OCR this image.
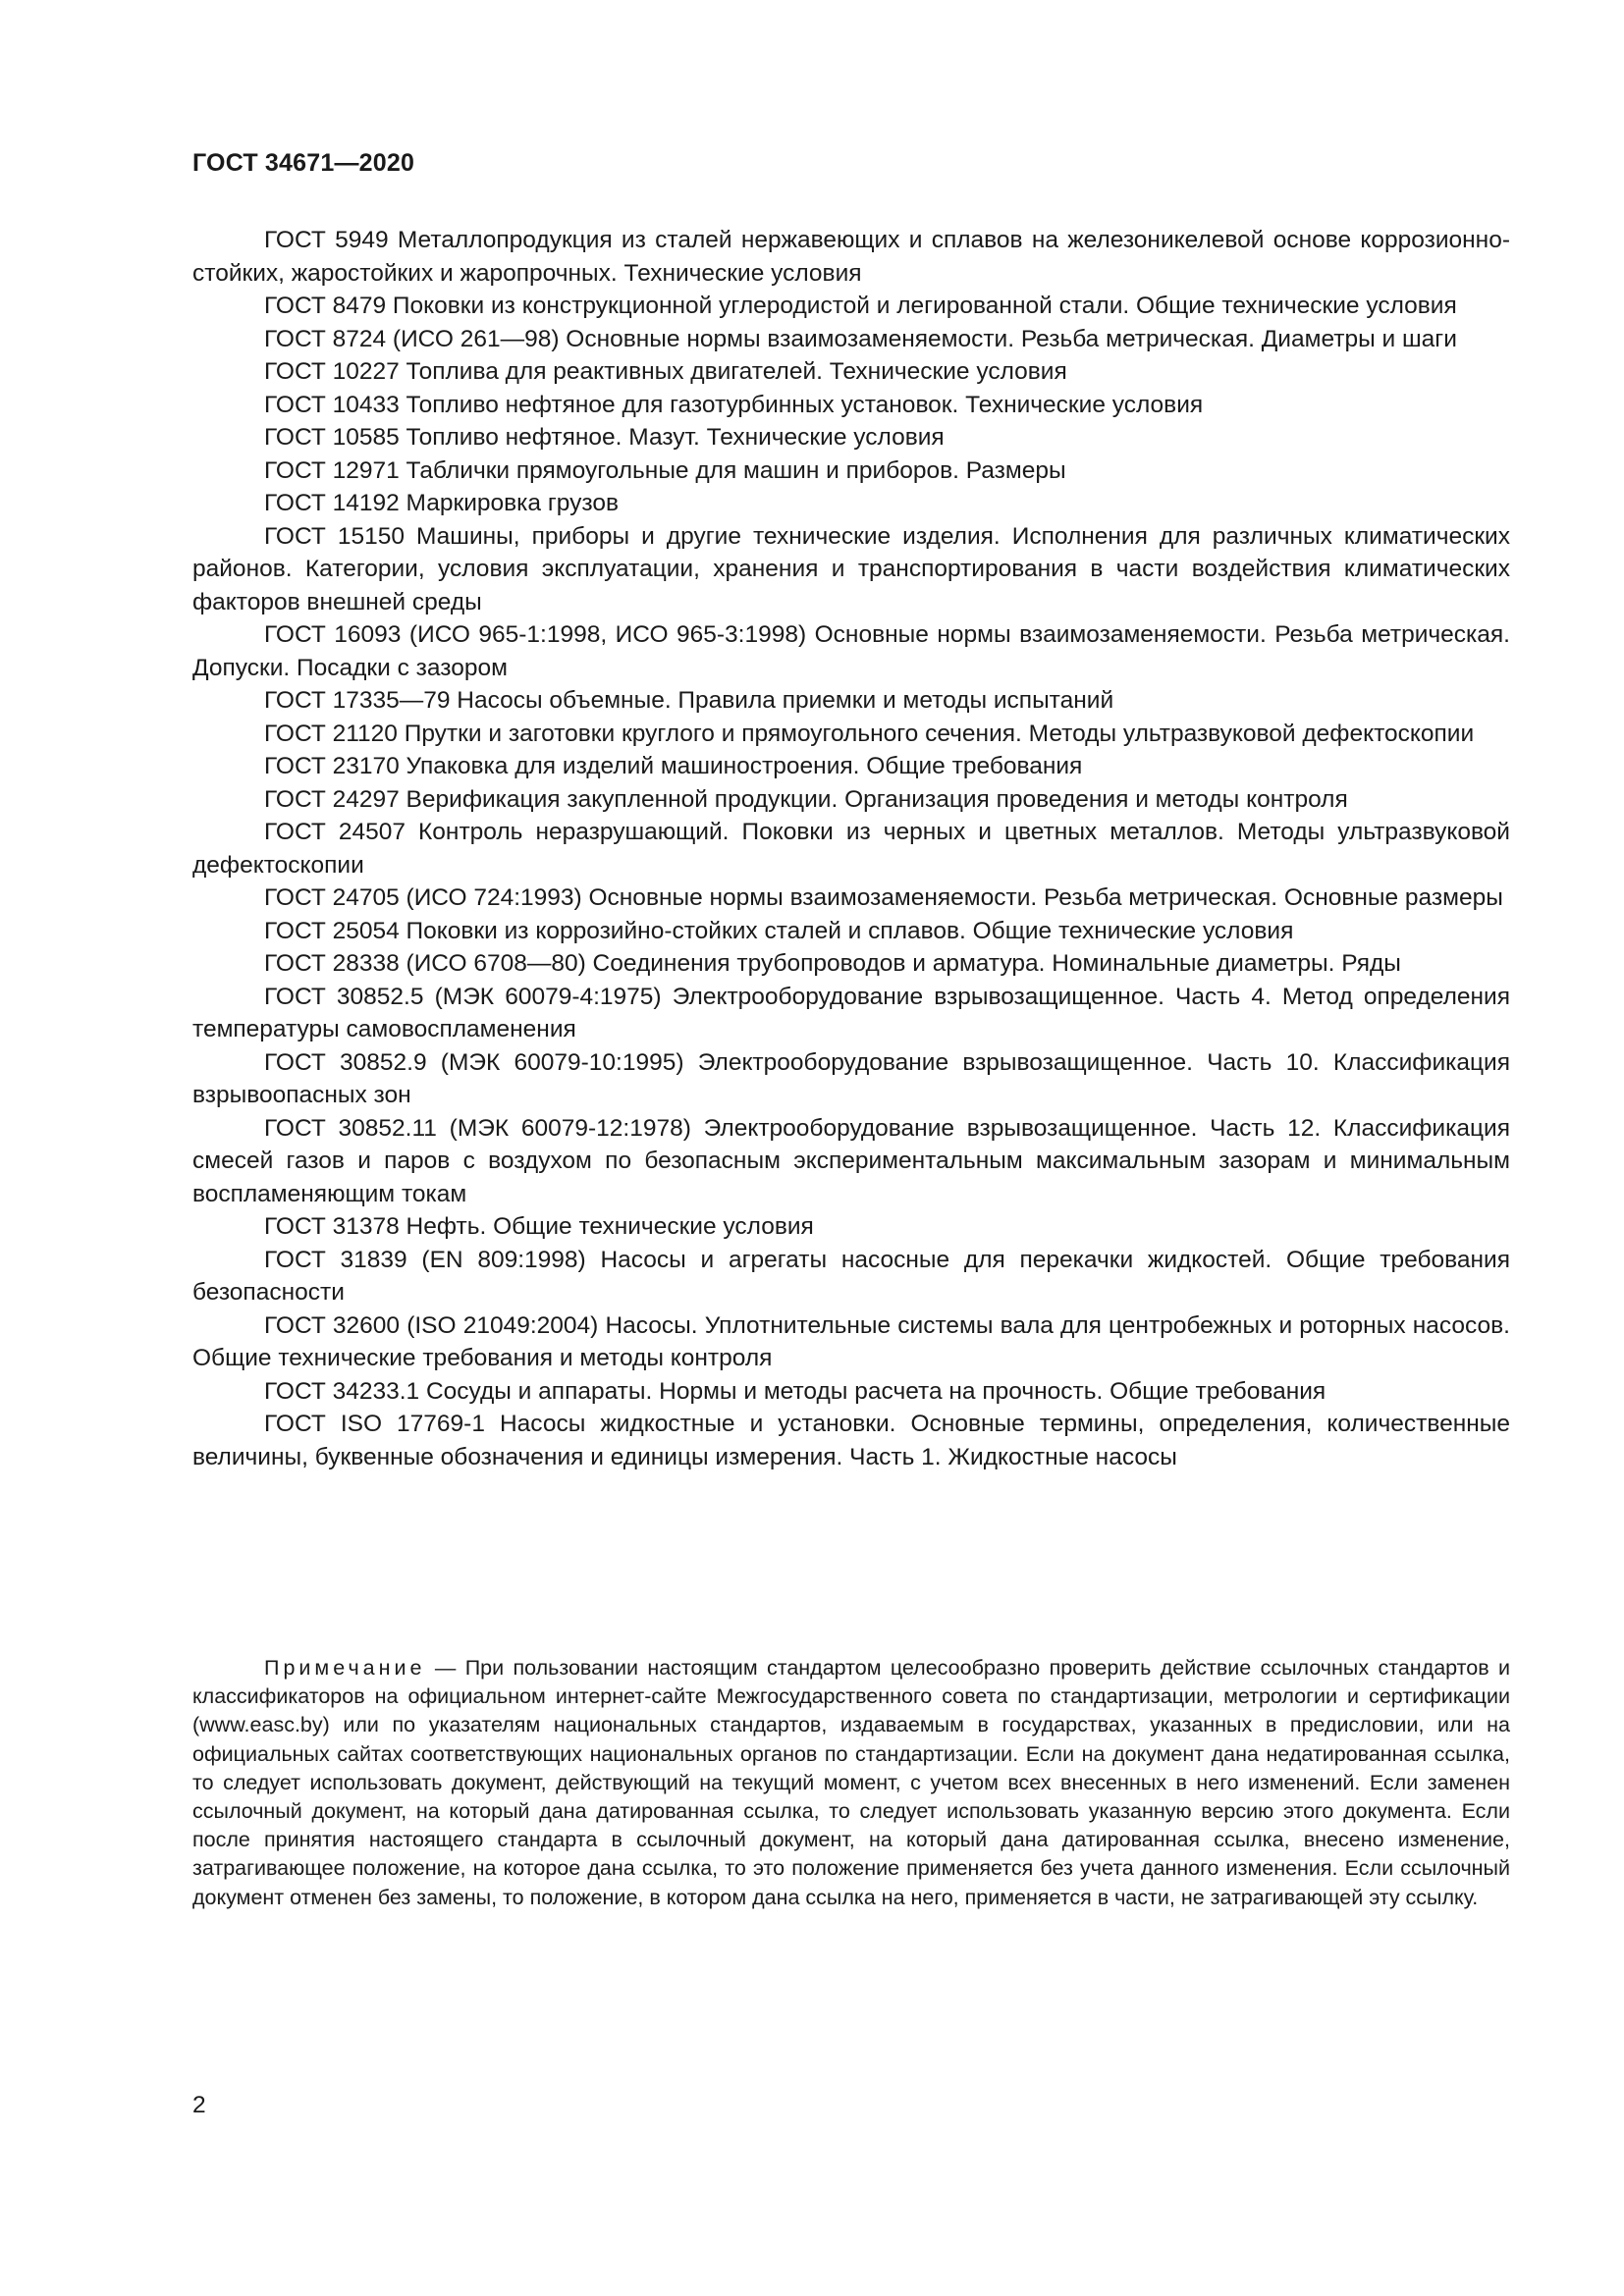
ГОСТ 34671—2020

ГОСТ 5949 Металлопродукция из сталей нержавеющих и сплавов на железоникелевой основе коррозионно-стойких, жаростойких и жаропрочных. Технические условия

ГОСТ 8479 Поковки из конструкционной углеродистой и легированной стали. Общие технические условия

ГОСТ 8724 (ИСО 261—98) Основные нормы взаимозаменяемости. Резьба метрическая. Диаметры и шаги

ГОСТ 10227 Топлива для реактивных двигателей. Технические условия

ГОСТ 10433 Топливо нефтяное для газотурбинных установок. Технические условия

ГОСТ 10585 Топливо нефтяное. Мазут. Технические условия

ГОСТ 12971 Таблички прямоугольные для машин и приборов. Размеры

ГОСТ 14192 Маркировка грузов

ГОСТ 15150 Машины, приборы и другие технические изделия. Исполнения для различных климатических районов. Категории, условия эксплуатации, хранения и транспортирования в части воздействия климатических факторов внешней среды

ГОСТ 16093 (ИСО 965-1:1998, ИСО 965-3:1998) Основные нормы взаимозаменяемости. Резьба метрическая. Допуски. Посадки с зазором

ГОСТ 17335—79 Насосы объемные. Правила приемки и методы испытаний

ГОСТ 21120 Прутки и заготовки круглого и прямоугольного сечения. Методы ультразвуковой дефектоскопии

ГОСТ 23170 Упаковка для изделий машиностроения. Общие требования

ГОСТ 24297 Верификация закупленной продукции. Организация проведения и методы контроля

ГОСТ 24507 Контроль неразрушающий. Поковки из черных и цветных металлов. Методы ультразвуковой дефектоскопии

ГОСТ 24705 (ИСО 724:1993) Основные нормы взаимозаменяемости. Резьба метрическая. Основные размеры

ГОСТ 25054 Поковки из коррозийно-стойких сталей и сплавов. Общие технические условия

ГОСТ 28338 (ИСО 6708—80) Соединения трубопроводов и арматура. Номинальные диаметры. Ряды

ГОСТ 30852.5 (МЭК 60079-4:1975) Электрооборудование взрывозащищенное. Часть 4. Метод определения температуры самовоспламенения

ГОСТ 30852.9 (МЭК 60079-10:1995) Электрооборудование взрывозащищенное. Часть 10. Классификация взрывоопасных зон

ГОСТ 30852.11 (МЭК 60079-12:1978) Электрооборудование взрывозащищенное. Часть 12. Классификация смесей газов и паров с воздухом по безопасным экспериментальным максимальным зазорам и минимальным воспламеняющим токам

ГОСТ 31378 Нефть. Общие технические условия

ГОСТ 31839 (EN 809:1998) Насосы и агрегаты насосные для перекачки жидкостей. Общие требования безопасности

ГОСТ 32600 (ISO 21049:2004) Насосы. Уплотнительные системы вала для центробежных и роторных насосов. Общие технические требования и методы контроля

ГОСТ 34233.1 Сосуды и аппараты. Нормы и методы расчета на прочность. Общие требования

ГОСТ ISO 17769-1 Насосы жидкостные и установки. Основные термины, определения, количественные величины, буквенные обозначения и единицы измерения. Часть 1. Жидкостные насосы

Примечание — При пользовании настоящим стандартом целесообразно проверить действие ссылочных стандартов и классификаторов на официальном интернет-сайте Межгосударственного совета по стандартизации, метрологии и сертификации (www.easc.by) или по указателям национальных стандартов, издаваемым в государствах, указанных в предисловии, или на официальных сайтах соответствующих национальных органов по стандартизации. Если на документ дана недатированная ссылка, то следует использовать документ, действующий на текущий момент, с учетом всех внесенных в него изменений. Если заменен ссылочный документ, на который дана датированная ссылка, то следует использовать указанную версию этого документа. Если после принятия настоящего стандарта в ссылочный документ, на который дана датированная ссылка, внесено изменение, затрагивающее положение, на которое дана ссылка, то это положение применяется без учета данного изменения. Если ссылочный документ отменен без замены, то положение, в котором дана ссылка на него, применяется в части, не затрагивающей эту ссылку.

2
